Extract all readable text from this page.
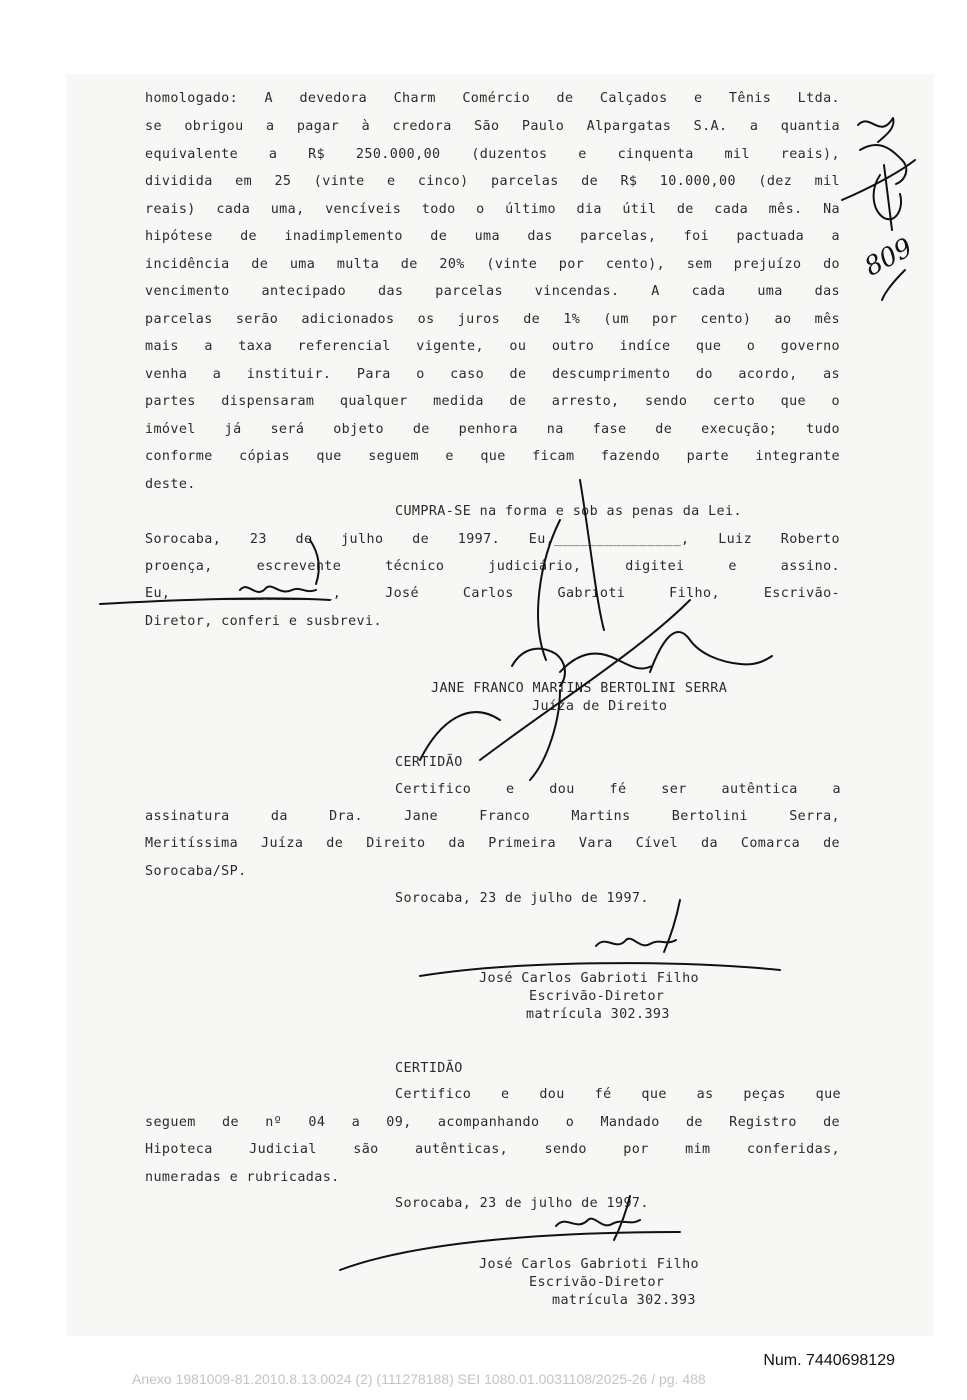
homologado: A devedora Charm Comércio de Calçados e Tênis Ltda.
se obrigou a pagar à credora São Paulo Alpargatas S.A. a quantia
equivalente a R$ 250.000,00 (duzentos e cinquenta mil reais),
dividida em 25 (vinte e cinco) parcelas de R$ 10.000,00 (dez mil
reais) cada uma, vencíveis todo o último dia útil de cada mês. Na
hipótese de inadimplemento de uma das parcelas, foi pactuada a
incidência de uma multa de 20% (vinte por cento), sem prejuízo do
vencimento antecipado das parcelas vincendas. A cada uma das
parcelas serão adicionados os juros de 1% (um por cento) ao mês
mais a taxa referencial vigente, ou outro indíce que o governo
venha a instituir. Para o caso de descumprimento do acordo, as
partes dispensaram qualquer medida de arresto, sendo certo que o
imóvel já será objeto de penhora na fase de execução; tudo
conforme cópias que seguem e que ficam fazendo parte integrante
deste.
CUMPRA-SE na forma e sob as penas da Lei.
Sorocaba, 23 de julho de 1997. Eu,_______________, Luiz Roberto
proença, escrevente técnico judiciário, digitei e assino.
Eu, ______________, José Carlos Gabrioti Filho, Escrivão-
Diretor, conferi e susbrevi.
JANE FRANCO MARTINS BERTOLINI SERRA
Juíza de Direito
CERTIDÃO
Certifico e dou fé ser autêntica a
assinatura da Dra. Jane Franco Martins Bertolini Serra,
Meritíssima Juíza de Direito da Primeira Vara Cível da Comarca de
Sorocaba/SP.
Sorocaba, 23 de julho de 1997.
José Carlos Gabrioti Filho
Escrivão-Diretor
matrícula 302.393
CERTIDÃO
Certifico e dou fé que as peças que
seguem de nº 04 a 09, acompanhando o Mandado de Registro de
Hipoteca Judicial são autênticas, sendo por mim conferidas,
numeradas e rubricadas.
Sorocaba, 23 de julho de 1997.
José Carlos Gabrioti Filho
Escrivão-Diretor
matrícula 302.393
809
Num. 7440698129
Anexo 1981009-81.2010.8.13.0024 (2) (111278188) SEI 1080.01.0031108/2025-26 / pg. 488
